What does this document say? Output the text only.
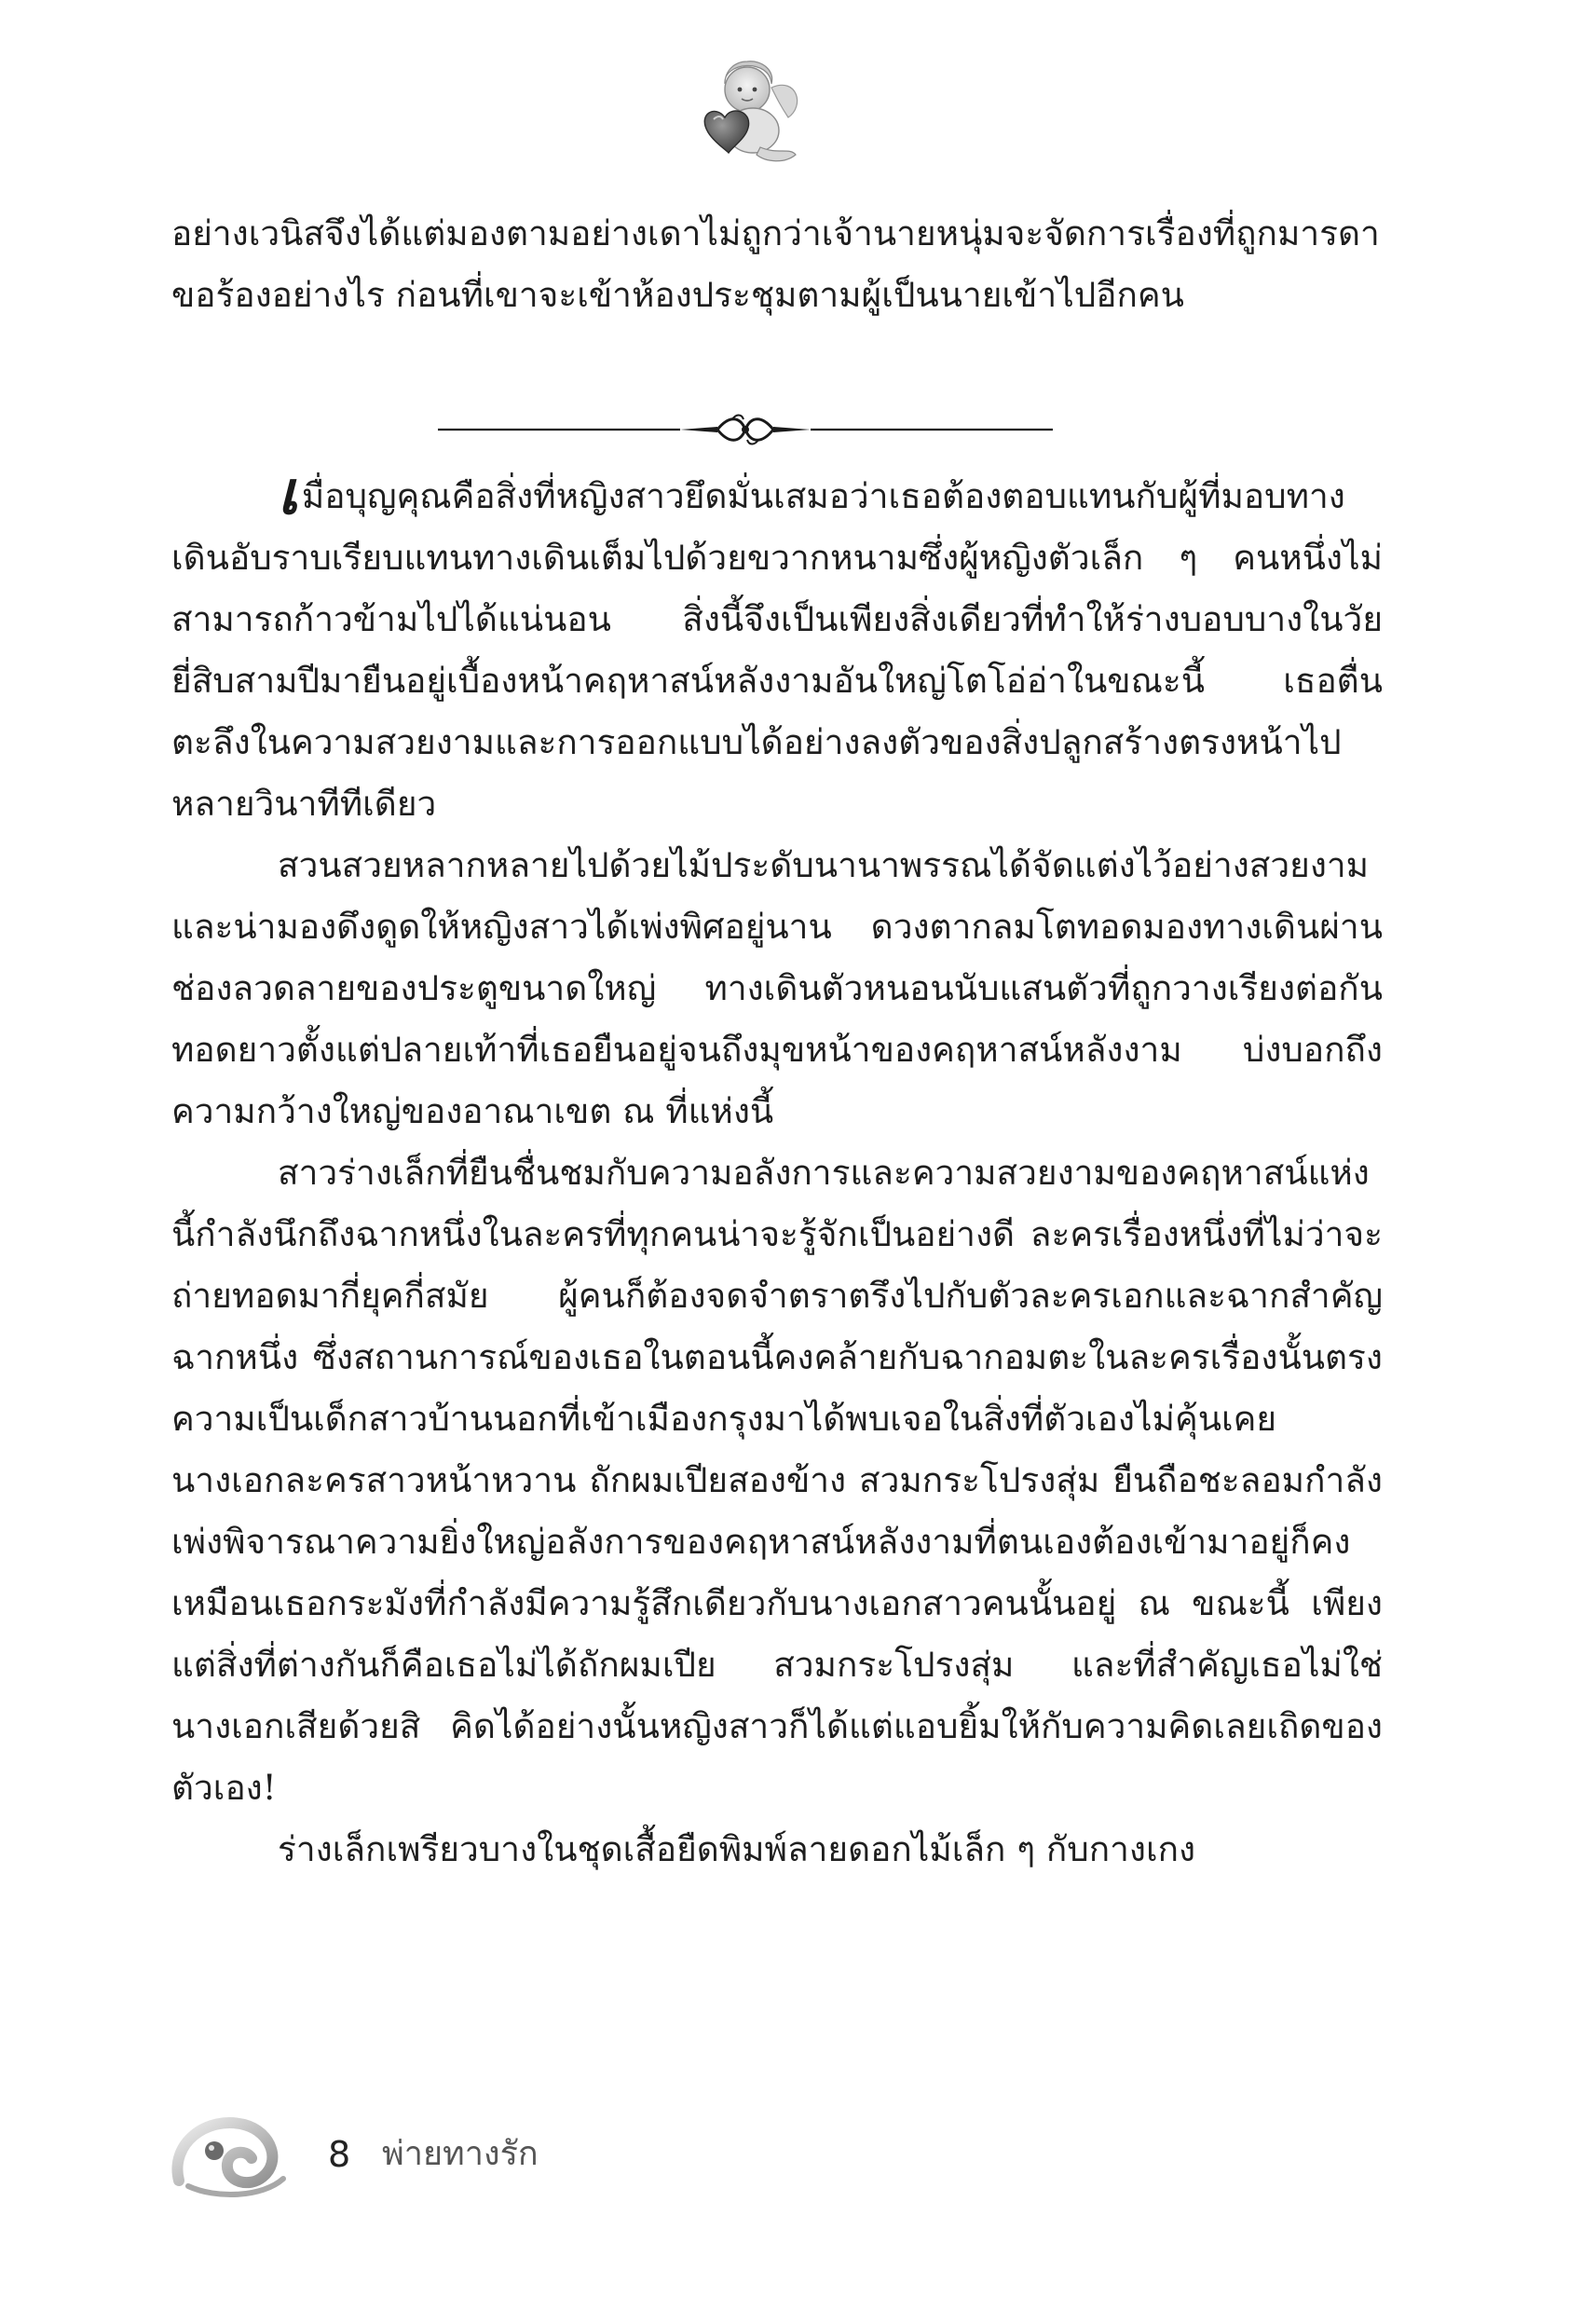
อย่างเวนิสจึงได้แต่มองตามอย่างเดาไม่ถูกว่าเจ้านายหนุ่มจะจัดการเรื่องที่ถูกมารดาขอร้องอย่างไร ก่อนที่เขาจะเข้าห้องประชุมตามผู้เป็นนายเข้าไปอีกคน

เมื่อบุญคุณคือสิ่งที่หญิงสาวยึดมั่นเสมอว่าเธอต้องตอบแทนกับผู้ที่มอบทางเดินอับราบเรียบแทนทางเดินเต็มไปด้วยขวากหนามซึ่งผู้หญิงตัวเล็ก ๆ คนหนึ่งไม่สามารถก้าวข้ามไปได้แน่นอน สิ่งนี้จึงเป็นเพียงสิ่งเดียวที่ทำให้ร่างบอบบางในวัยยี่สิบสามปีมายืนอยู่เบื้องหน้าคฤหาสน์หลังงามอันใหญ่โตโอ่อ่าในขณะนี้ เธอตื่นตะลึงในความสวยงามและการออกแบบได้อย่างลงตัวของสิ่งปลูกสร้างตรงหน้าไปหลายวินาทีทีเดียว

สวนสวยหลากหลายไปด้วยไม้ประดับนานาพรรณได้จัดแต่งไว้อย่างสวยงามและน่ามองดึงดูดให้หญิงสาวได้เพ่งพิศอยู่นาน ดวงตากลมโตทอดมองทางเดินผ่านช่องลวดลายของประตูขนาดใหญ่ ทางเดินตัวหนอนนับแสนตัวที่ถูกวางเรียงต่อกันทอดยาวตั้งแต่ปลายเท้าที่เธอยืนอยู่จนถึงมุขหน้าของคฤหาสน์หลังงาม บ่งบอกถึงความกว้างใหญ่ของอาณาเขต ณ ที่แห่งนี้

สาวร่างเล็กที่ยืนชื่นชมกับความอลังการและความสวยงามของคฤหาสน์แห่งนี้กำลังนึกถึงฉากหนึ่งในละครที่ทุกคนน่าจะรู้จักเป็นอย่างดี ละครเรื่องหนึ่งที่ไม่ว่าจะถ่ายทอดมากี่ยุคกี่สมัย ผู้คนก็ต้องจดจำตราตรึงไปกับตัวละครเอกและฉากสำคัญฉากหนึ่ง ซึ่งสถานการณ์ของเธอในตอนนี้คงคล้ายกับฉากอมตะในละครเรื่องนั้นตรงความเป็นเด็กสาวบ้านนอกที่เข้าเมืองกรุงมาได้พบเจอในสิ่งที่ตัวเองไม่คุ้นเคย นางเอกละครสาวหน้าหวาน ถักผมเปียสองข้าง สวมกระโปรงสุ่ม ยืนถือชะลอมกำลังเพ่งพิจารณาความยิ่งใหญ่อลังการของคฤหาสน์หลังงามที่ตนเองต้องเข้ามาอยู่ก็คงเหมือนเธอกระมังที่กำลังมีความรู้สึกเดียวกับนางเอกสาวคนนั้นอยู่ ณ ขณะนี้ เพียงแต่สิ่งที่ต่างกันก็คือเธอไม่ได้ถักผมเปีย สวมกระโปรงสุ่ม และที่สำคัญเธอไม่ใช่นางเอกเสียด้วยสิ คิดได้อย่างนั้นหญิงสาวก็ได้แต่แอบยิ้มให้กับความคิดเลยเถิดของตัวเอง!

ร่างเล็กเพรียวบางในชุดเสื้อยืดพิมพ์ลายดอกไม้เล็ก ๆ กับกางเกง

8 พ่ายทางรัก
